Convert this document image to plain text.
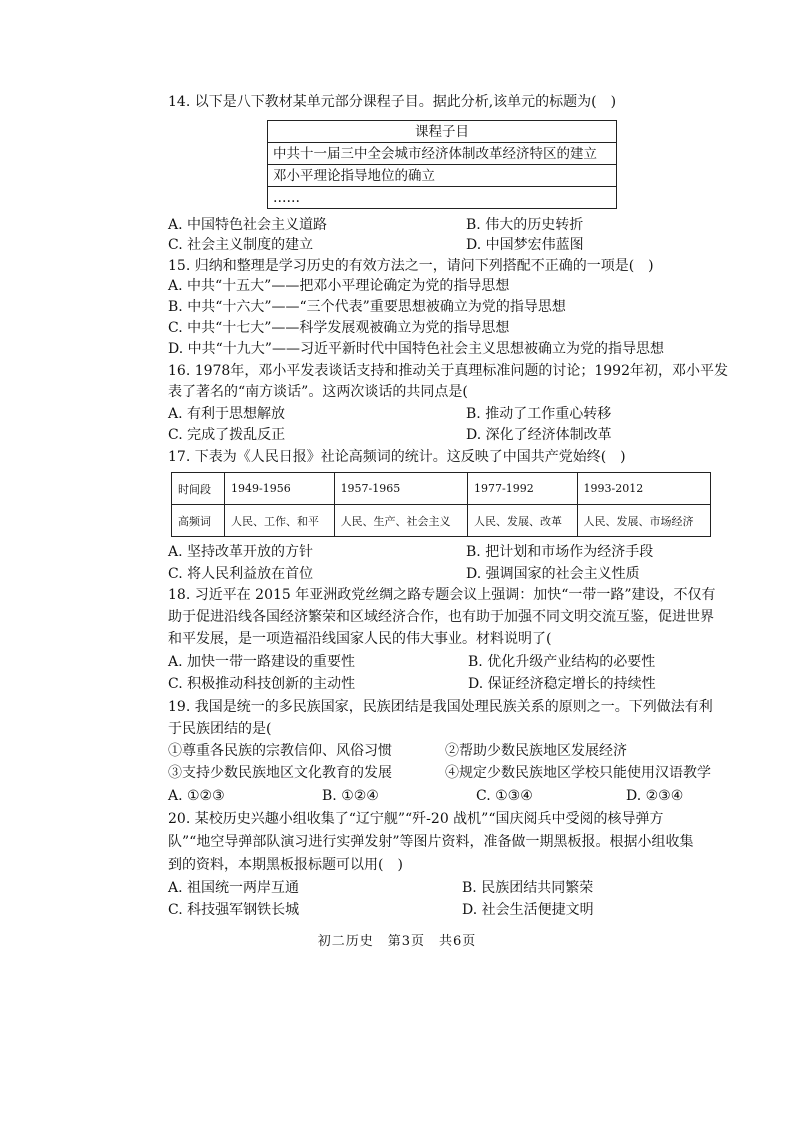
14. 以下是八下教材某单元部分课程子目。据此分析,该单元的标题为(　)
课程子目
中共十一届三中全会城市经济体制改革经济特区的建立
邓小平理论指导地位的确立
……
A. 中国特色社会主义道路	B. 伟大的历史转折
C. 社会主义制度的建立	D. 中国梦宏伟蓝图
15. 归纳和整理是学习历史的有效方法之一，请问下列搭配不正确的一项是(　)
A. 中共“十五大”——把邓小平理论确定为党的指导思想
B. 中共“十六大”——“三个代表”重要思想被确立为党的指导思想
C. 中共“十七大”——科学发展观被确立为党的指导思想
D. 中共“十九大”——习近平新时代中国特色社会主义思想被确立为党的指导思想
16. 1978年，邓小平发表谈话支持和推动关于真理标准问题的讨论；1992年初，邓小平发
表了著名的“南方谈话”。这两次谈话的共同点是(
A. 有利于思想解放	B. 推动了工作重心转移
C. 完成了拨乱反正	D. 深化了经济体制改革
17. 下表为《人民日报》社论高频词的统计。这反映了中国共产党始终(　)
时间段	1949-1956	1957-1965	1977-1992	1993-2012
高频词	人民、工作、和平	人民、生产、社会主义	人民、发展、改革	人民、发展、市场经济
A. 坚持改革开放的方针	B. 把计划和市场作为经济手段
C. 将人民利益放在首位	D. 强调国家的社会主义性质
18. 习近平在 2015 年亚洲政党丝绸之路专题会议上强调：加快“一带一路”建设，不仅有
助于促进沿线各国经济繁荣和区域经济合作，也有助于加强不同文明交流互鉴，促进世界
和平发展，是一项造福沿线国家人民的伟大事业。材料说明了(
A. 加快一带一路建设的重要性	B. 优化升级产业结构的必要性
C. 积极推动科技创新的主动性	D. 保证经济稳定增长的持续性
19. 我国是统一的多民族国家，民族团结是我国处理民族关系的原则之一。下列做法有利
于民族团结的是(
①尊重各民族的宗教信仰、风俗习惯	②帮助少数民族地区发展经济
③支持少数民族地区文化教育的发展	④规定少数民族地区学校只能使用汉语教学
A. ①②③	B. ①②④	C. ①③④	D. ②③④
20. 某校历史兴趣小组收集了“辽宁舰”“歼-20 战机”“国庆阅兵中受阅的核导弹方
队”“地空导弹部队演习进行实弹发射”等图片资料，准备做一期黑板报。根据小组收集
到的资料，本期黑板报标题可以用(　)
A. 祖国统一两岸互通	B. 民族团结共同繁荣
C. 科技强军钢铁长城	D. 社会生活便捷文明
初二历史　第3页　共6页
